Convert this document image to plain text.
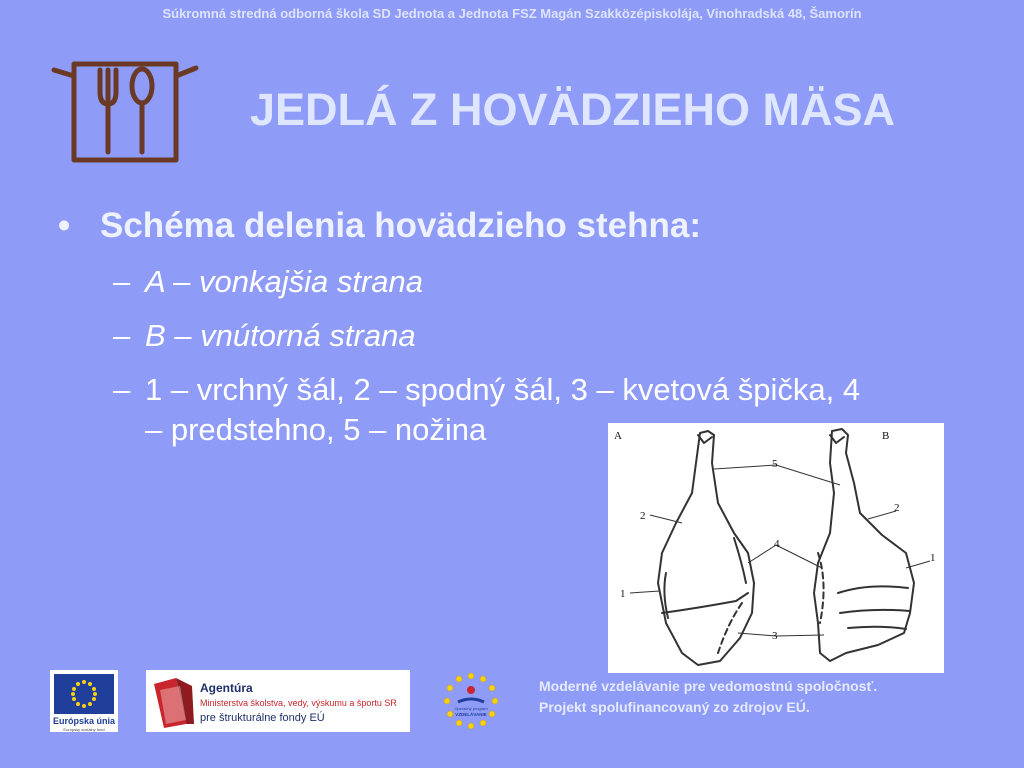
Súkromná stredná odborná škola SD Jednota a Jednota FSZ Magán Szakközépiskolája, Vinohradská 48, Šamorín
JEDLÁ Z HOVÄDZIEHO MÄSA
• Schéma delenia hovädzieho stehna:
– A – vonkajšia strana
– B – vnútorná strana
– 1 – vrchný šál, 2 – spodný šál, 3 – kvetová špička, 4
– predstehno, 5 – nožina	A	B
5
2
4
1
3
2
1
Európska únia
Európsky sociálny fond
Agentúra
Ministerstva školstva, vedy, výskumu a športu SR
pre štrukturálne fondy EÚ
Operačný program
VZDELÁVANIE
Moderné vzdelávanie pre vedomostnú spoločnosť.
Projekt spolufinancovaný zo zdrojov EÚ.
